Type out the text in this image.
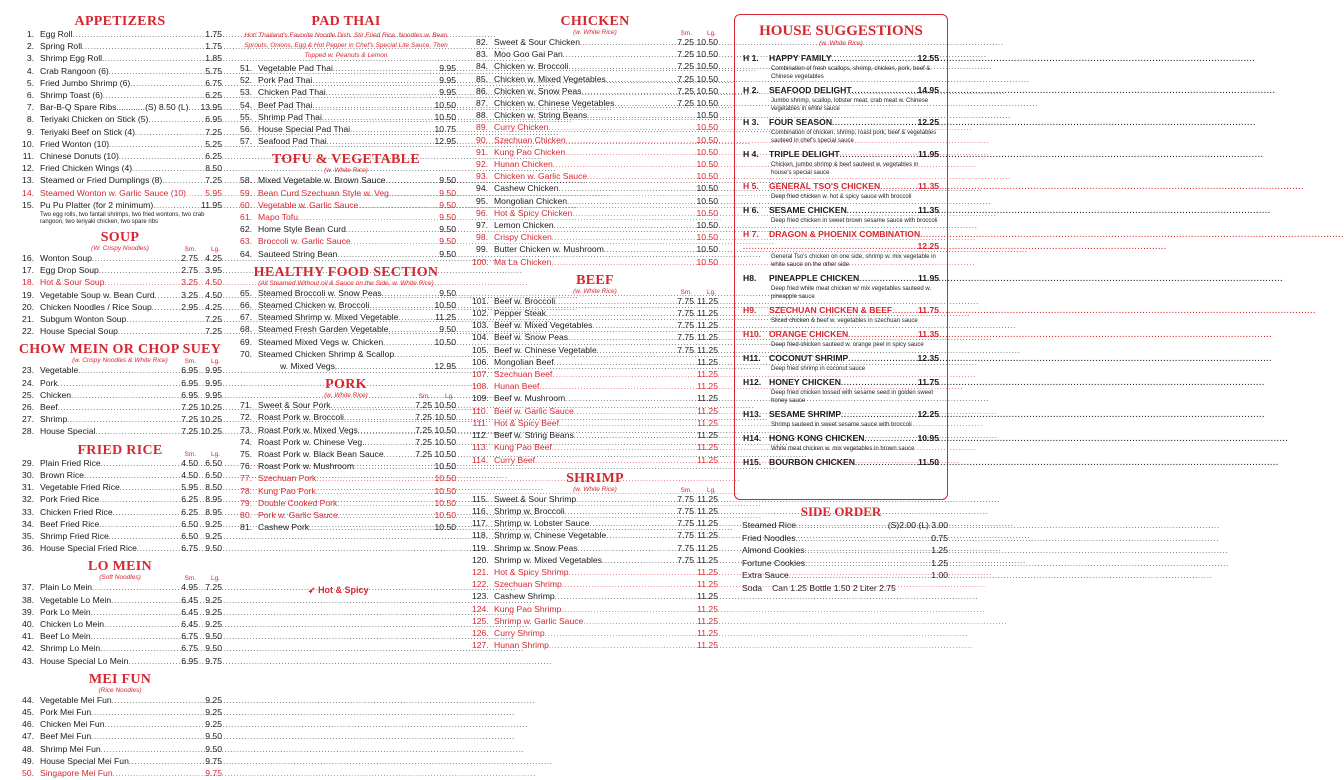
APPETIZERS
1. Egg Roll .....	1.75
2. Spring Roll .....	1.75
3. Shrimp Egg Roll .....	1.85
4. Crab Rangoon (6) .....	5.75
5. Fried Jumbo Shrimp (6) .....	6.75
6. Shrimp Toast (6) .....	6.25
7. Bar-B-Q Spare Ribs............(S) 8.50 (L) ..... 13.95
8. Teriyaki Chicken on Stick (5) .....	6.95
9. Teriyaki Beef on Stick (4) .....	7.25
10. Fried Wonton (10) .....	5.25
11. Chinese Donuts (10) .....	6.25
12. Fried Chicken Wings (4) .....	8.50
13. Steamed or Fried Dumplings (8) .....	7.25
14. Steamed Wonton w. Garlic Sauce (10) .....	5.95
15. Pu Pu Platter (for 2 minimum) .....	11.95
Two egg rolls, two fantail shrimps, two fried wontons, two crab rangoon, two teriyaki chicken, two spare ribs
SOUP
(W. Crispy Noodles)	Sm. Lg.
16. Wonton Soup .....	2.75 4.25
17. Egg Drop Soup .....	2.75 3.95
18. Hot & Sour Soup .....	3.25 4.50
19. Vegetable Soup w. Bean Curd .....	3.25 4.50
20. Chicken Noodles / Rice Soup .....	2.95 4.25
21. Subgum Wonton Soup .....	7.25
22. House Special Soup .....	7.25
CHOW MEIN OR CHOP SUEY
(w. Crispy Noodles & White Rice)	Sm. Lg.
23. Vegetable .....	6.95 9.95
24. Pork .....	6.95 9.95
25. Chicken .....	6.95 9.95
26. Beef .....	7.25 10.25
27. Shrimp .....	7.25 10.25
28. House Special .....	7.25 10.25
FRIED RICE	Sm. Lg.
29. Plain Fried Rice .....	4.50 6.50
30. Brown Rice .....	4.50 6.50
31. Vegetable Fried Rice .....	5.95 8.50
32. Pork Fried Rice .....	6.25 8.95
33. Chicken Fried Rice .....	6.25 8.95
34. Beef Fried Rice .....	6.50 9.25
35. Shrimp Fried Rice .....	6.50 9.25
36. House Special Fried Rice .....	6.75 9.50
LO MEIN
(Soft Noodles)	Sm. Lg.
37. Plain Lo Mein .....	4.95 7.25
38. Vegetable Lo Mein .....	6.45 9.25
39. Pork Lo Mein .....	6.45 9.25
40. Chicken Lo Mein .....	6.45 9.25
41. Beef Lo Mein .....	6.75 9.50
42. Shrimp Lo Mein .....	6.75 9.50
43. House Special Lo Mein .....	6.95 9.75
MEI FUN
(Rice Noodles)
44. Vegetable Mei Fun .....	9.25
45. Pork Mei Fun .....	9.25
46. Chicken Mei Fun .....	9.25
47. Beef Mei Fun .....	9.50
48. Shrimp Mei Fun .....	9.50
49. House Special Mei Fun .....	9.75
50. Singapore Mei Fun .....	9.75
PAD THAI
Hot! Thailand's Favorite Noodle Dish. Stir Fried Rice, Noodles w. Bean Sprouts, Onions, Egg & Hot Pepper in Chef's Special Lite Sauce, Then Topped w. Peanuts & Lemon
51. Vegetable Pad Thai .....	9.95
52. Pork Pad Thai .....	9.95
53. Chicken Pad Thai .....	9.95
54. Beef Pad Thai .....	10.50
55. Shrimp Pad Thai .....	10.50
56. House Special Pad Thai .....	10.75
57. Seafood Pad Thai .....	12.95
TOFU & VEGETABLE
(w. White Rice)
58. Mixed Vegetable w. Brown Sauce .....	9.50
59. Bean Curd Szechuan Style w. Veg. .....	9.50
60. Vegetable w. Garlic Sauce .....	9.50
61. Mapo Tofu .....	9.50
62. Home Style Bean Curd .....	9.50
63. Broccoli w. Garlic Sauce .....	9.50
64. Sauteed String Bean .....	9.50
HEALTHY FOOD SECTION
(All Steamed Without oil & Sauce on the Side, w. White Rice)
65. Steamed Broccoli w. Snow Peas .....	9.50
66. Steamed Chicken w. Broccoli .....	10.50
67. Steamed Shrimp w. Mixed Vegetable .....	11.25
68. Steamed Fresh Garden Vegetable .....	9.50
69. Steamed Mixed Vegs w. Chicken .....	10.50
70. Steamed Chicken Shrimp & Scallop
.....
w. Mixed Vegs. .....	12.95
PORK
(w. White Rice)	Sm. Lg.
71. Sweet & Sour Pork .....	7.25 10.50
72. Roast Pork w. Broccoli .....	7.25 10.50
73. Roast Pork w. Mixed Vegs .....	7.25 10.50
74. Roast Pork w. Chinese Veg. .....	7.25 10.50
75. Roast Pork w. Black Bean Sauce .....	7.25 10.50
76. Roast Pork w. Mushroom .....	10.50
77. Szechuan Pork .....	10.50
78. Kung Pao Pork .....	10.50
79. Double Cooked Pork .....	10.50
80. Pork w. Garlic Sauce .....	10.50
81. Cashew Pork .....	10.50
➶ Hot & Spicy
CHICKEN
(w. White Rice)	Sm. Lg.
82. Sweet & Sour Chicken .....	7.25 10.50
83. Moo Goo Gai Pan .....	7.25 10.50
84. Chicken w. Broccoli .....	7.25 10.50
85. Chicken w. Mixed Vegetables .....	7.25 10.50
86. Chicken w. Snow Peas .....	7.25 10.50
87. Chicken w. Chinese Vegetables .....	7.25 10.50
88. Chicken w. String Beans .....	10.50
89. Curry Chicken .....	10.50
90. Szechuan Chicken .....	10.50
91. Kung Pao Chicken .....	10.50
92. Hunan Chicken .....	10.50
93. Chicken w. Garlic Sauce .....	10.50
94. Cashew Chicken .....	10.50
95. Mongolian Chicken .....	10.50
96. Hot & Spicy Chicken .....	10.50
97. Lemon Chicken .....	10.50
98. Crispy Chicken .....	10.50
99. Butter Chicken w. Mushroom .....	10.50
100. Ma La Chicken .....	10.50
BEEF
(w. White Rice)	Sm. Lg.
101. Beef w. Broccoli .....	7.75 11.25
102. Pepper Steak .....	7.75 11.25
103. Beef w. Mixed Vegetables .....	7.75 11.25
104. Beef w. Snow Peas .....	7.75 11.25
105. Beef w. Chinese Vegetable .....	7.75 11.25
106. Mongolian Beef .....	11.25
107. Szechuan Beef .....	11.25
108. Hunan Beef .....	11.25
109. Beef w. Mushroom .....	11.25
110. Beef w. Garlic Sauce .....	11.25
111. Hot & Spicy Beef .....	11.25
112. Beef w. String Beans .....	11.25
113. Kung Pao Beef .....	11.25
114. Curry Beef .....	11.25
SHRIMP
(w. White Rice)	Sm. Lg.
115. Sweet & Sour Shrimp .....	7.75 11.25
116. Shrimp w. Broccoli .....	7.75 11.25
117. Shrimp w. Lobster Sauce .....	7.75 11.25
118. Shrimp w. Chinese Vegetable .....	7.75 11.25
119. Shrimp w. Snow Peas .....	7.75 11.25
120. Shrimp w. Mixed Vegetables .....	7.75 11.25
121. Hot & Spicy Shrimp .....	11.25
122. Szechuan Shrimp .....	11.25
123. Cashew Shrimp .....	11.25
124. Kung Pao Shrimp .....	11.25
125. Shrimp w. Garlic Sauce .....	11.25
126. Curry Shrimp .....	11.25
127. Hunan Shrimp .....	11.25
HOUSE SUGGESTIONS
(w. White Rice)
H 1.	HAPPY FAMILY .....	12.55
Combination of fresh scallops, shrimp, chicken, pork, beef & Chinese vegetables
H 2.	SEAFOOD DELIGHT .....	14.95
Jumbo shrimp, scallop, lobster meat, crab meat w. Chinese vegetables in white sauce
H 3.	FOUR SEASON .....	12.25
Combination of chicken, shrimp, roast pork, beef & vegetables sauteed in chef's special sauce
H 4.	TRIPLE DELIGHT .....	11.95
Chicken, jumbo shrimp & beef sauteed w. vegetables in house's special sauce
H 5.	GENERAL TSO'S CHICKEN .....	11.35
Deep fried chicken w. hot & spicy sauce with broccoli
H 6.	SESAME CHICKEN .....	11.35
Deep fried chicken in sweet brown sesame sauce with broccoli
H 7.	DRAGON & PHOENIX COMBINATION
.....
.....
12.25
General Tso's chicken on one side, shrimp w. mix vegetable in white sauce on the other side
H8.	PINEAPPLE CHICKEN .....	11.95
Deep fried white meat chicken w/ mix vegetables sauteed w. pineapple sauce
H9.	SZECHUAN CHICKEN & BEEF .....	11.75
Sliced chicken & beef w. vegetables in szechuan sauce
H10. ORANGE CHICKEN .....	11.35
Deep fried chicken sauteed w. orange peel in spicy sauce
H11. COCONUT SHRIMP .....	12.35
Deep fried shrimp in coconut sauce
H12. HONEY CHICKEN .....	11.75
Deep fried chicken tossed with sesame seed in golden sweet honey sauce
H13. SESAME SHRIMP .....	12.25
Shrimp sauteed in sweet sesame sauce with broccoli
H14. HONG KONG CHICKEN .....	10.95
White meat chicken w. mix vegetables in brown sauce
H15. BOURBON CHICKEN .....	11.50
SIDE ORDER
Steamed Rice .....	(S)2.00 (L) 3.00
Fried Noodles .....	0.75
Almond Cookies .....	1.25
Fortune Cookies .....	1.25
Extra Sauce .....	1.00
Soda Can 1.25 Bottle 1.50 2 Liter 2.75
